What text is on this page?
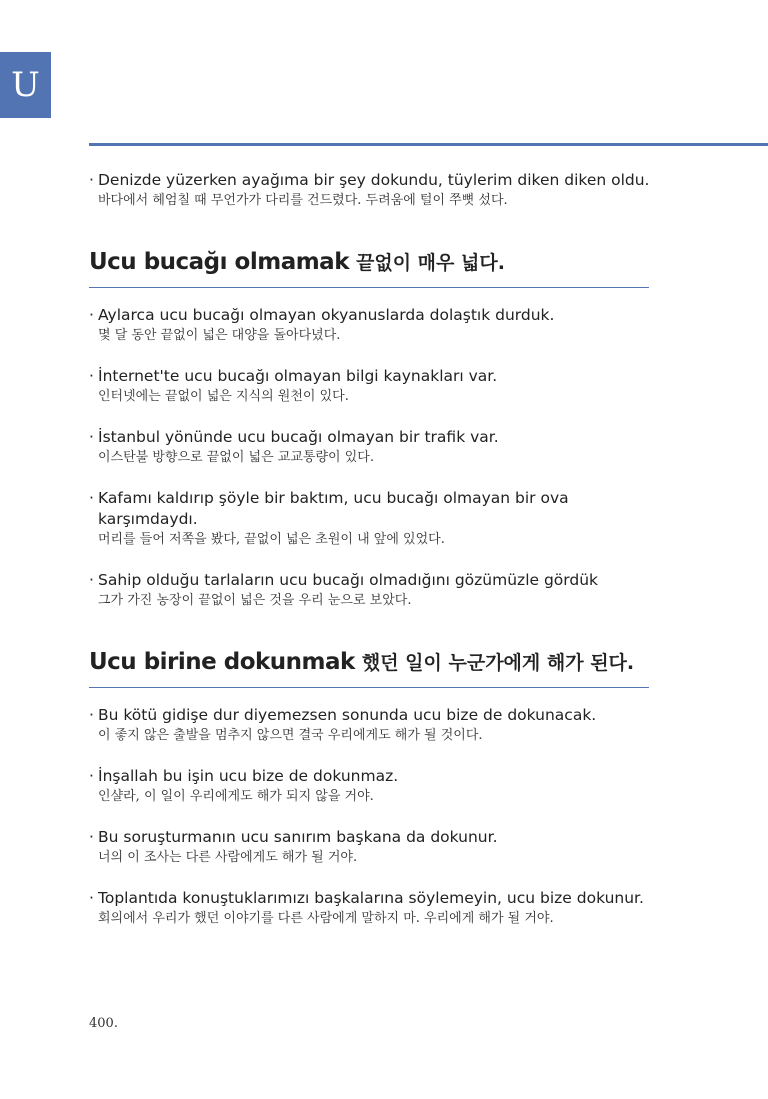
U
· Denizde yüzerken ayağıma bir şey dokundu, tüylerim diken diken oldu.
바다에서 헤엄칠 때 무언가가 다리를 건드렸다. 두려움에 털이 쭈뼛 섰다.
Ucu bucağı olmamak 끝없이 매우 넓다.
· Aylarca ucu bucağı olmayan okyanuslarda dolaştık durduk.
몇 달 동안 끝없이 넓은 대양을 돌아다녔다.
· İnternet'te ucu bucağı olmayan bilgi kaynakları var.
인터넷에는 끝없이 넓은 지식의 원천이 있다.
· İstanbul yönünde ucu bucağı olmayan bir trafik var.
이스탄불 방향으로 끝없이 넓은 교교통량이 있다.
· Kafamı kaldırıp şöyle bir baktım, ucu bucağı olmayan bir ova karşımdaydı.
머리를 들어 저쪽을 봤다, 끝없이 넓은 초원이 내 앞에 있었다.
· Sahip olduğu tarlaların ucu bucağı olmadığını gözümüzle gördük
그가 가진 농장이 끝없이 넓은 것을 우리 눈으로 보았다.
Ucu birine dokunmak 했던 일이 누군가에게 해가 된다.
· Bu kötü gidişe dur diyemezsen sonunda ucu bize de dokunacak.
이 좋지 않은 출발을 멈추지 않으면 결국 우리에게도 해가 될 것이다.
· İnşallah bu işin ucu bize de dokunmaz.
인샬라, 이 일이 우리에게도 해가 되지 않을 거야.
· Bu soruşturmanın ucu sanırım başkana da dokunur.
너의 이 조사는 다른 사람에게도 해가 될 거야.
· Toplantıda konuştuklarımızı başkalarına söylemeyin, ucu bize dokunur.
회의에서 우리가 했던 이야기를 다른 사람에게 말하지 마. 우리에게 해가 될 거야.
400.
